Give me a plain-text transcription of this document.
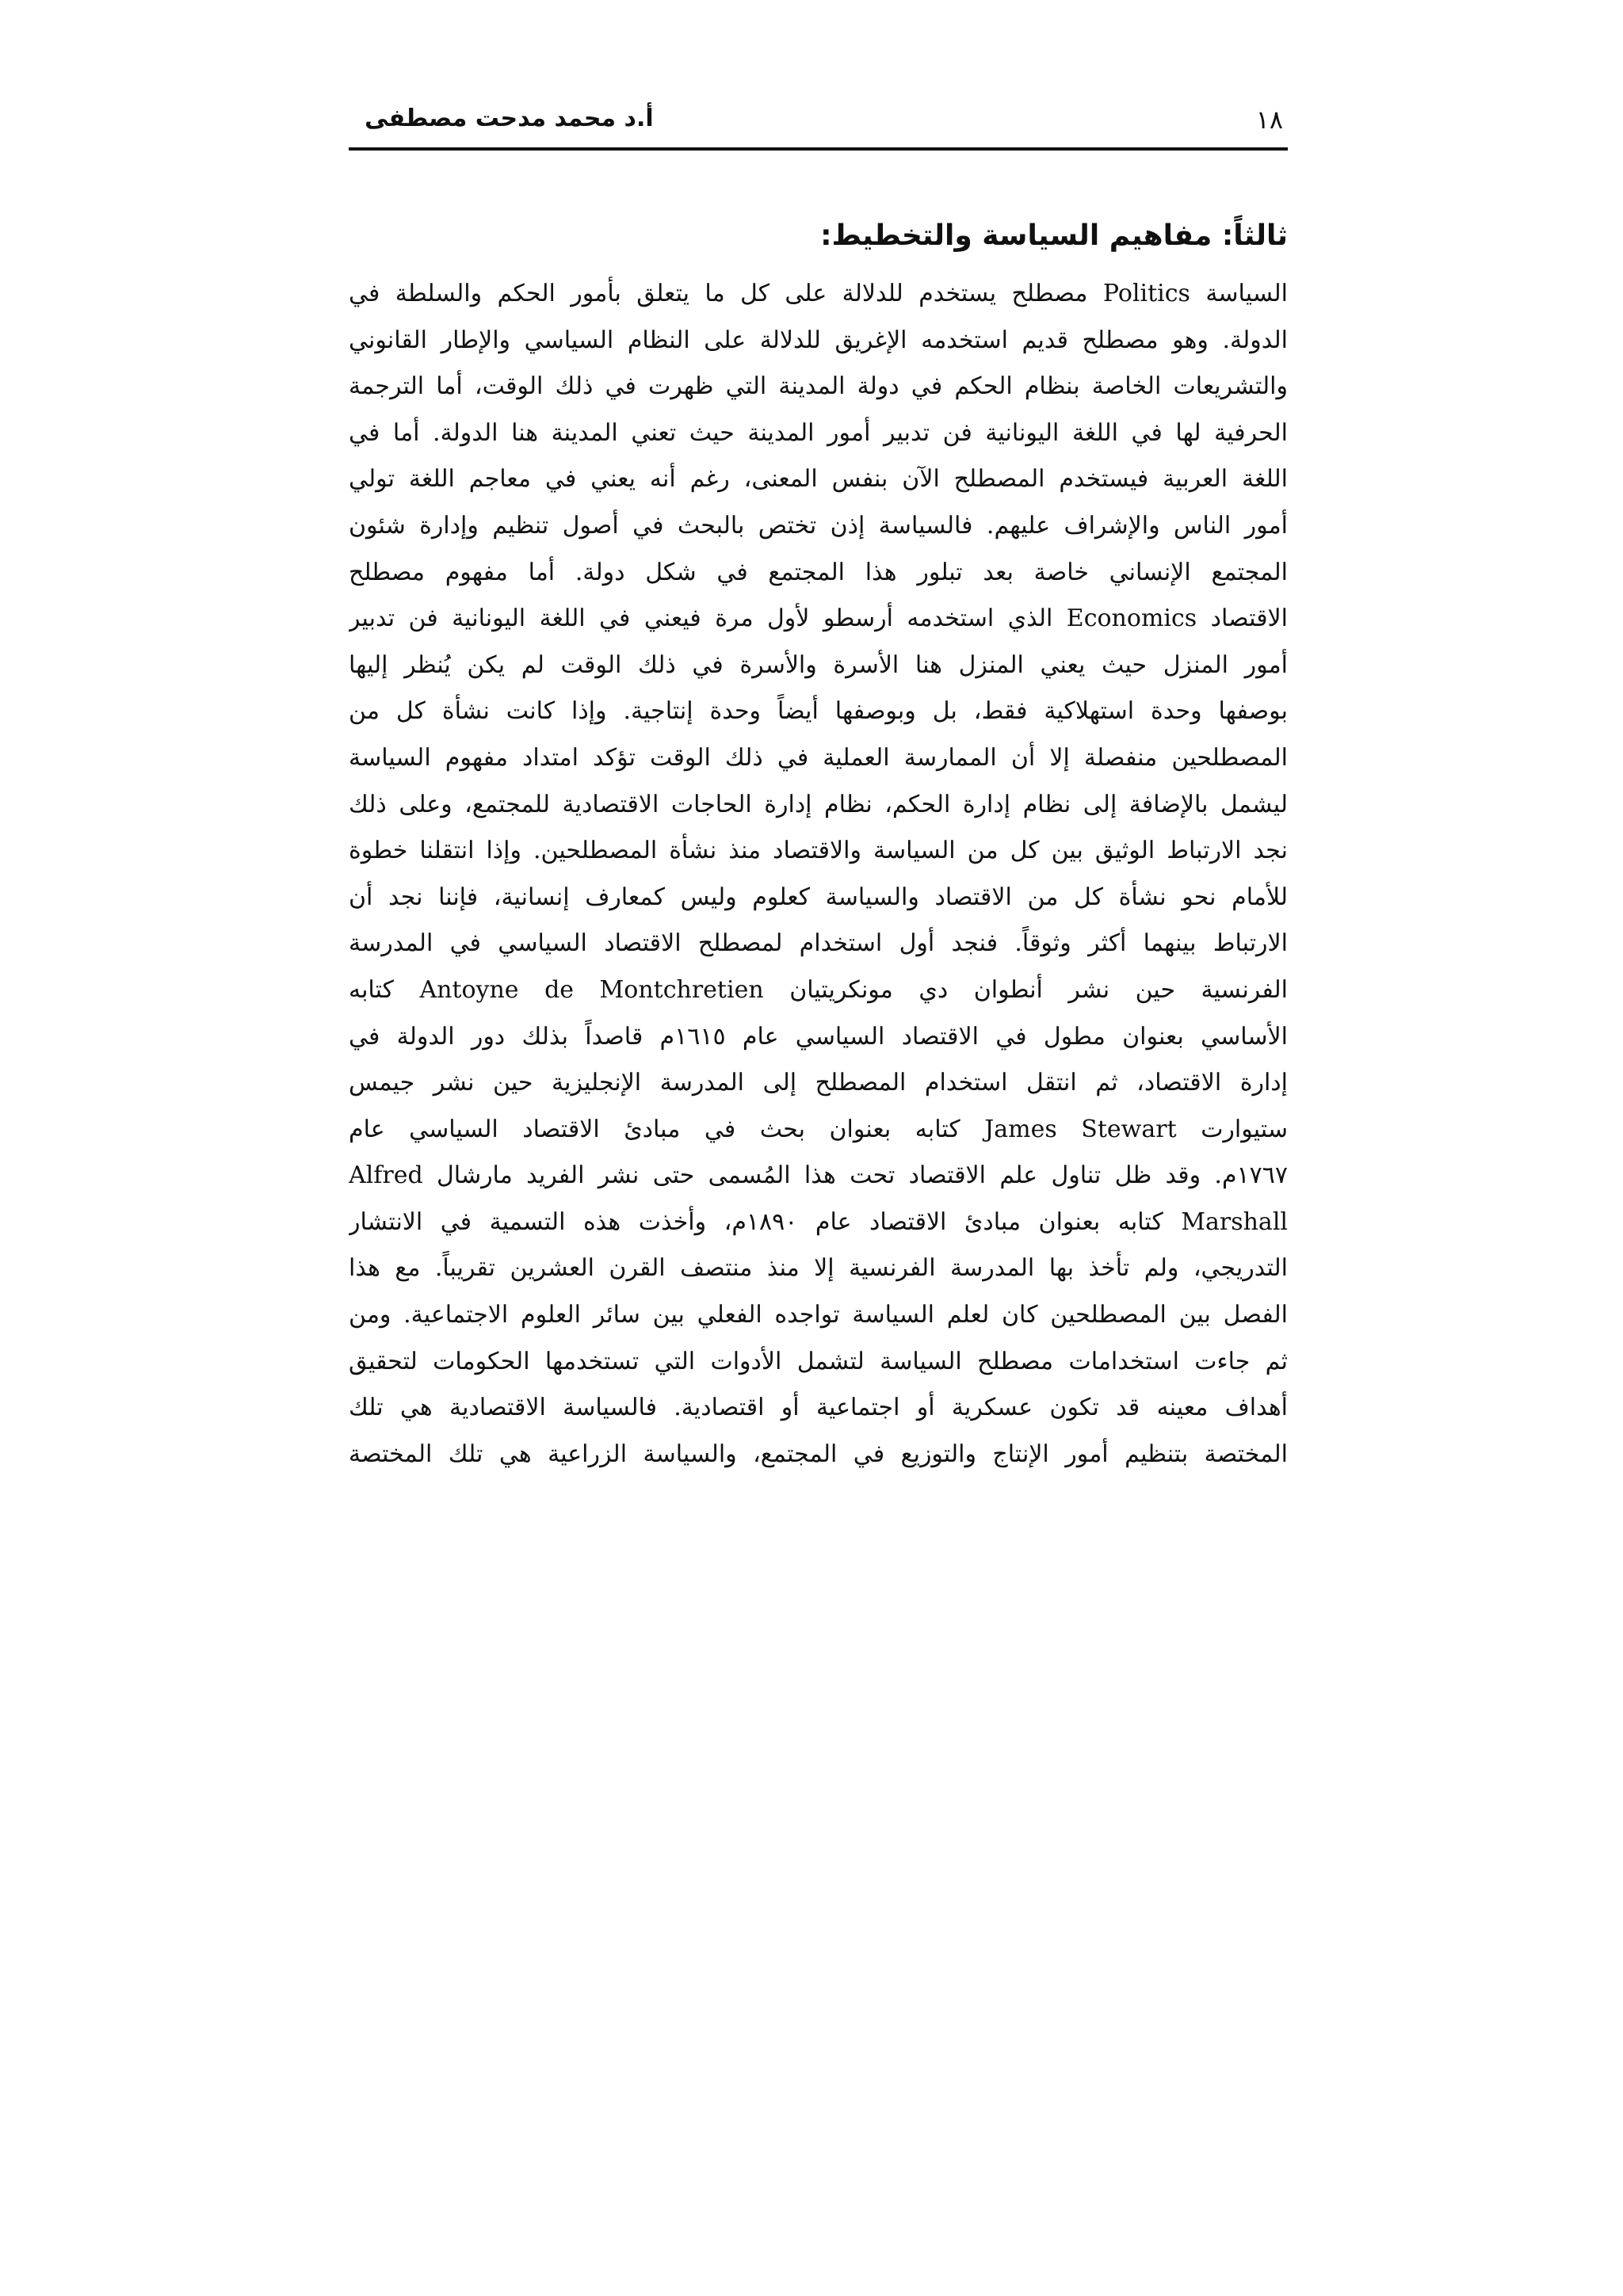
أ.د محمد مدحت مصطفى	١٨
ثالثاً: مفاهيم السياسة والتخطيط:
السياسة Politics مصطلح يستخدم للدلالة على كل ما يتعلق بأمور الحكم والسلطة في
الدولة. وهو مصطلح قديم استخدمه الإغريق للدلالة على النظام السياسي والإطار القانوني
والتشريعات الخاصة بنظام الحكم في دولة المدينة التي ظهرت في ذلك الوقت، أما الترجمة
الحرفية لها في اللغة اليونانية فن تدبير أمور المدينة حيث تعني المدينة هنا الدولة. أما في
اللغة العربية فيستخدم المصطلح الآن بنفس المعنى، رغم أنه يعني في معاجم اللغة تولي
أمور الناس والإشراف عليهم. فالسياسة إذن تختص بالبحث في أصول تنظيم وإدارة شئون
المجتمع الإنساني خاصة بعد تبلور هذا المجتمع في شكل دولة. أما مفهوم مصطلح
الاقتصاد Economics الذي استخدمه أرسطو لأول مرة فيعني في اللغة اليونانية فن تدبير
أمور المنزل حيث يعني المنزل هنا الأسرة والأسرة في ذلك الوقت لم يكن يُنظر إليها
بوصفها وحدة استهلاكية فقط، بل وبوصفها أيضاً وحدة إنتاجية. وإذا كانت نشأة كل من
المصطلحين منفصلة إلا أن الممارسة العملية في ذلك الوقت تؤكد امتداد مفهوم السياسة
ليشمل بالإضافة إلى نظام إدارة الحكم، نظام إدارة الحاجات الاقتصادية للمجتمع، وعلى ذلك
نجد الارتباط الوثيق بين كل من السياسة والاقتصاد منذ نشأة المصطلحين. وإذا انتقلنا خطوة
للأمام نحو نشأة كل من الاقتصاد والسياسة كعلوم وليس كمعارف إنسانية، فإننا نجد أن
الارتباط بينهما أكثر وثوقاً. فنجد أول استخدام لمصطلح الاقتصاد السياسي في المدرسة
الفرنسية حين نشر أنطوان دي مونكريتيان Antoyne de Montchretien كتابه
الأساسي بعنوان مطول في الاقتصاد السياسي عام ١٦١٥م قاصداً بذلك دور الدولة في
إدارة الاقتصاد، ثم انتقل استخدام المصطلح إلى المدرسة الإنجليزية حين نشر جيمس
ستيوارت James Stewart كتابه بعنوان بحث في مبادئ الاقتصاد السياسي عام
١٧٦٧م. وقد ظل تناول علم الاقتصاد تحت هذا المُسمى حتى نشر الفريد مارشال Alfred
Marshall كتابه بعنوان مبادئ الاقتصاد عام ١٨٩٠م، وأخذت هذه التسمية في الانتشار
التدريجي، ولم تأخذ بها المدرسة الفرنسية إلا منذ منتصف القرن العشرين تقريباً. مع هذا
الفصل بين المصطلحين كان لعلم السياسة تواجده الفعلي بين سائر العلوم الاجتماعية. ومن
ثم جاءت استخدامات مصطلح السياسة لتشمل الأدوات التي تستخدمها الحكومات لتحقيق
أهداف معينه قد تكون عسكرية أو اجتماعية أو اقتصادية. فالسياسة الاقتصادية هي تلك
المختصة بتنظيم أمور الإنتاج والتوزيع في المجتمع، والسياسة الزراعية هي تلك المختصة
